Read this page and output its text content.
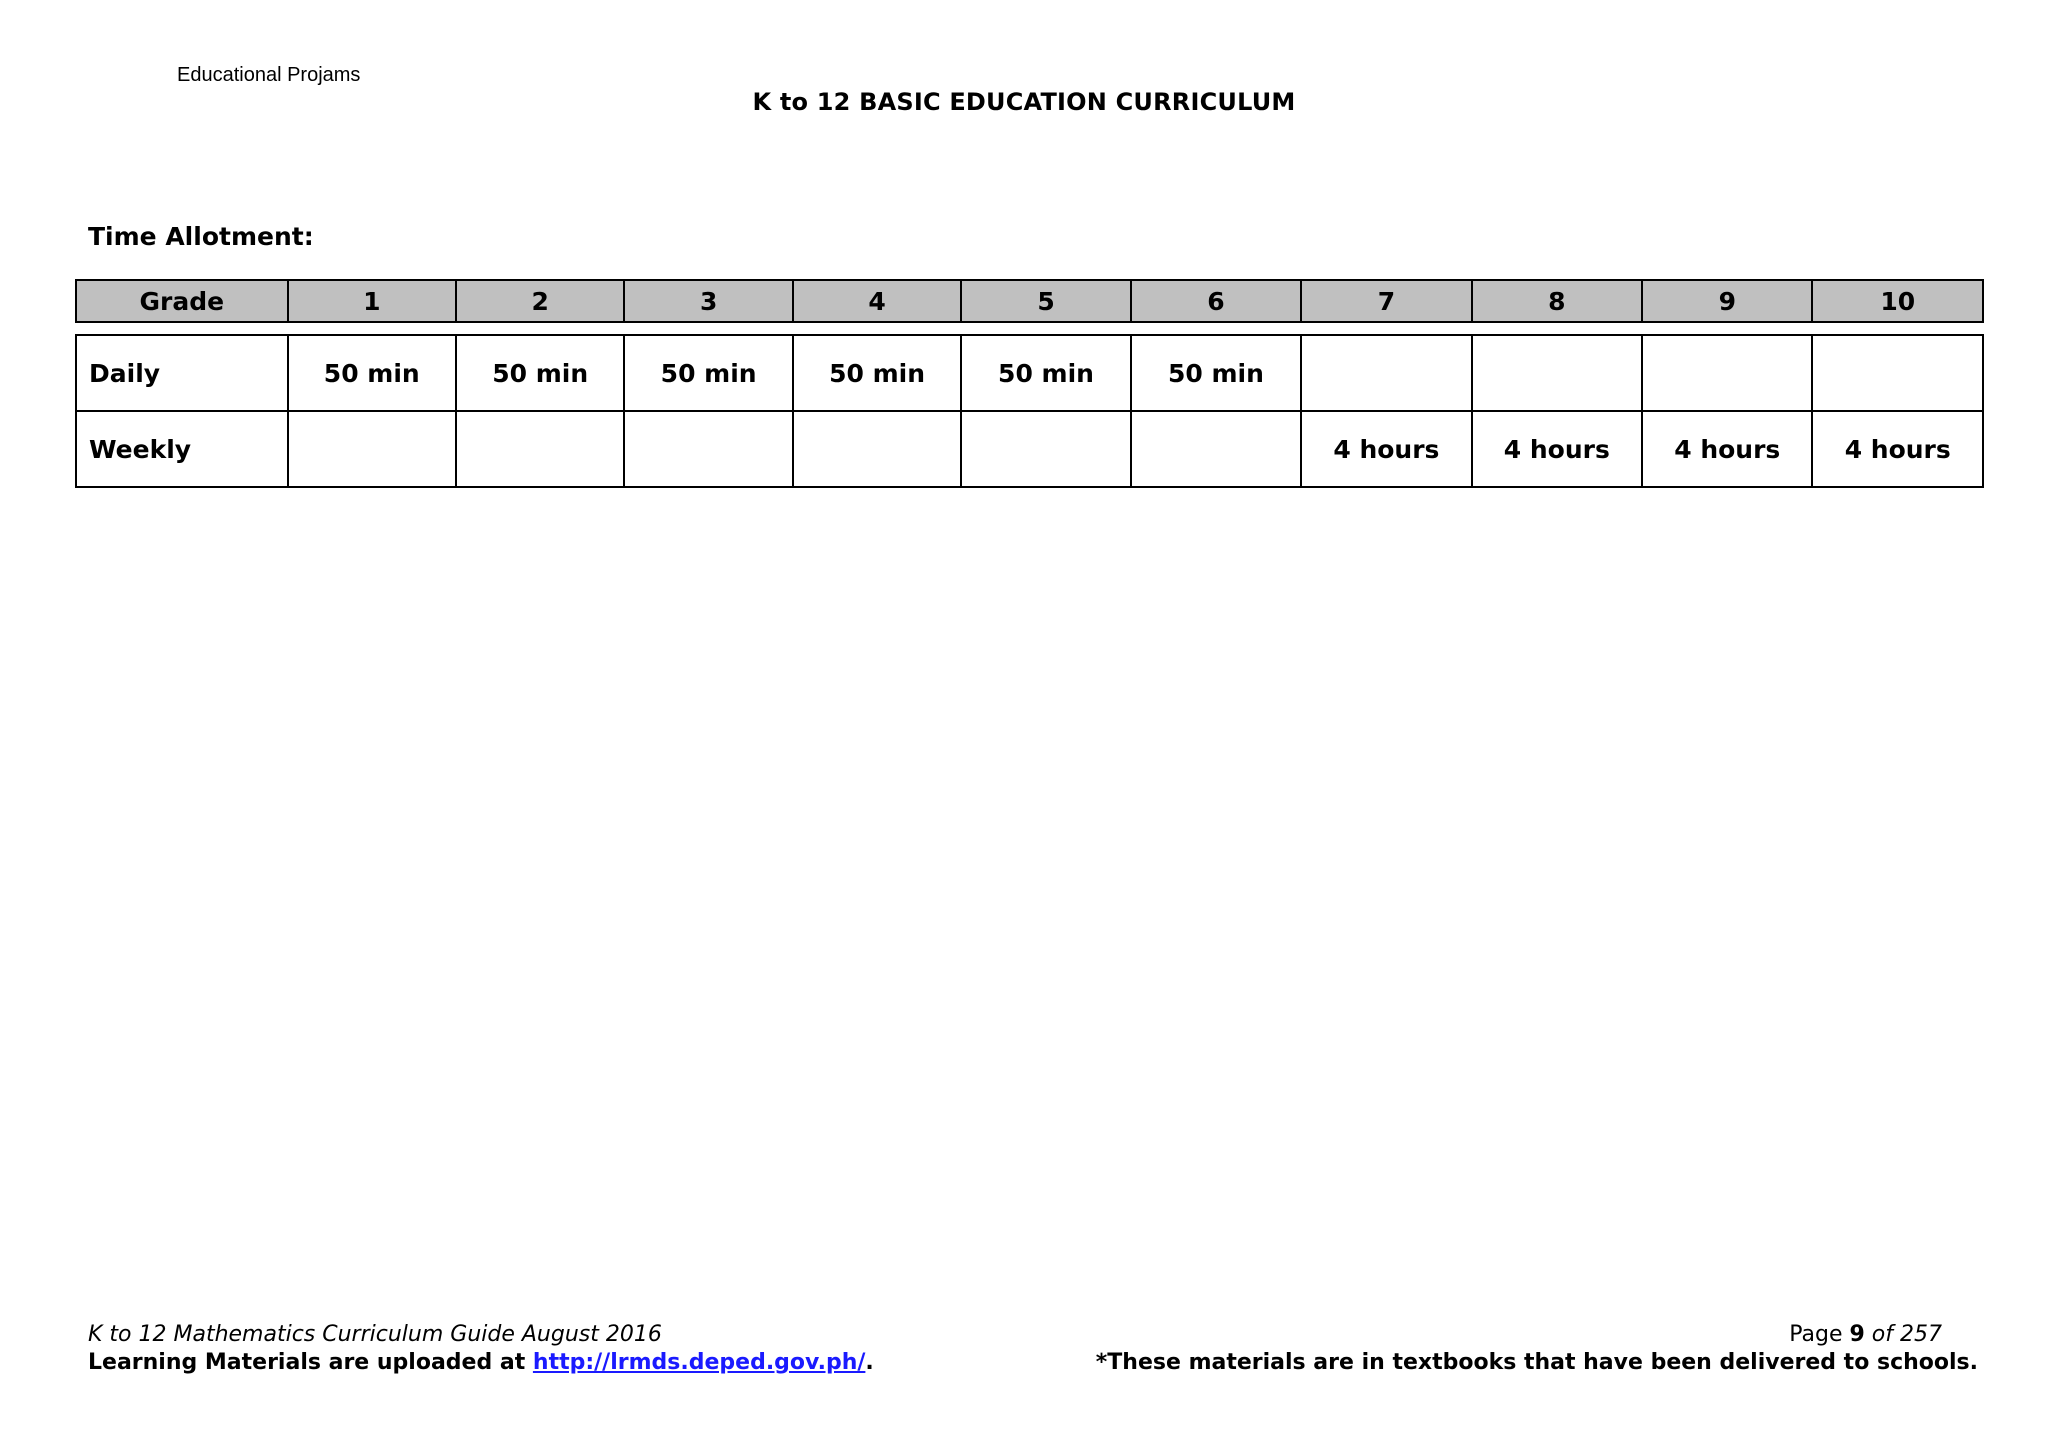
Educational Projams
K to 12 BASIC EDUCATION CURRICULUM
Time Allotment:
Grade	1	2	3	4	5	6	7	8	9	10
Daily	50 min	50 min	50 min	50 min	50 min	50 min				
Weekly							4 hours	4 hours	4 hours	4 hours
K to 12 Mathematics Curriculum Guide August 2016
Learning Materials are uploaded at http://lrmds.deped.gov.ph/.
Page 9 of 257
*These materials are in textbooks that have been delivered to schools.
